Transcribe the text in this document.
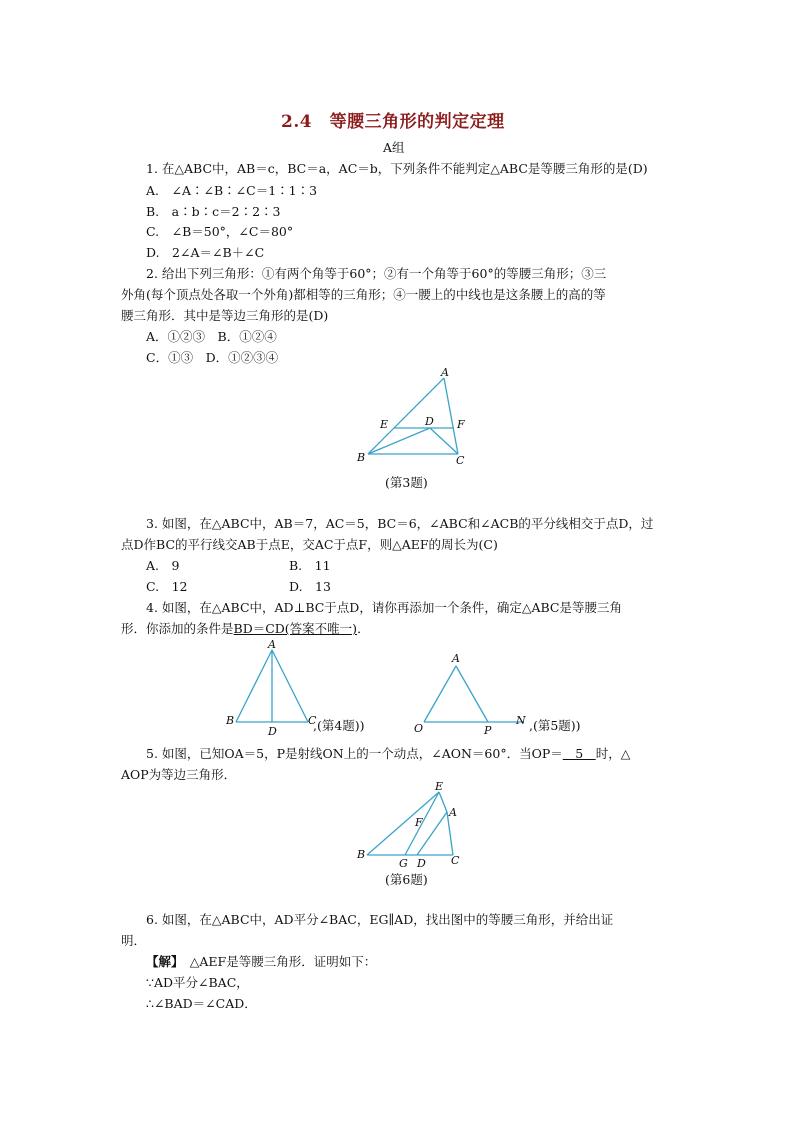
2.4　等腰三角形的判定定理
A组
1. 在△ABC中，AB＝c，BC＝a，AC＝b，下列条件不能判定△ABC是等腰三角形的是(D)
A.　∠A∶∠B∶∠C＝1∶1∶3
B.　a∶b∶c＝2∶2∶3
C.　∠B＝50°，∠C＝80°
D.　2∠A＝∠B＋∠C
2. 给出下列三角形：①有两个角等于60°；②有一个角等于60°的等腰三角形；③三
外角(每个顶点处各取一个外角)都相等的三角形；④一腰上的中线也是这条腰上的高的等
腰三角形．其中是等边三角形的是(D)
A．①②③　B．①②④
C．①③　D．①②③④
A
B	C
D
E	F
(第3题)
3. 如图，在△ABC中，AB＝7，AC＝5，BC＝6，∠ABC和∠ACB的平分线相交于点D，过
点D作BC的平行线交AB于点E，交AC于点F，则△AEF的周长为(C)
A.　9	B.　11
C.　12	D.　13
4. 如图，在△ABC中，AD⊥BC于点D，请你再添加一个条件，确定△ABC是等腰三角
形．你添加的条件是BD＝CD(答案不唯一)．
A
B	C
D	,(第4题))
A
O	P
N ,(第5题))
5. 如图，已知OA＝5，P是射线ON上的一个动点，∠AON＝60°．当OP＝　5　时，△
AOP为等边三角形．
E
A
F
B
G D C
(第6题)
6. 如图，在△ABC中，AD平分∠BAC，EG∥AD，找出图中的等腰三角形，并给出证
明．
【解】　△AEF是等腰三角形．证明如下：
∵AD平分∠BAC，
∴∠BAD＝∠CAD．
